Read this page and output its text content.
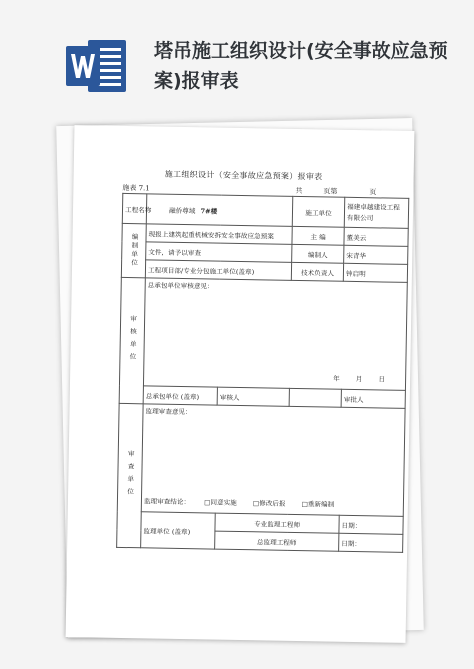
塔吊施工组织设计(安全事故应急预案)报审表
施工组织设计（安全事故应急预案）报审表
施表 7.1	共	页第	页
工程名称	融侨尊域 7#楼		施工单位	福建卓越建设工程有限公司
编制单位	现报上建筑起重机械安拆安全事故应急预案		主 编	董美云
	文件，请予以审查		编制人	宋青华
	工程项目部/专业分包施工单位(盖章)		技术负责人	钟启明
审核单位	总承包单位审核意见：
年 月 日			

	总承包单位 (盖章)	审核人		审批人
审查单位	监理审查意见：
监理审查结论： □同意实施 □修改后报 □重新编制			

	监理单位 (盖章)	专业监理工程师		日期：
		总监理工程师		日期：
